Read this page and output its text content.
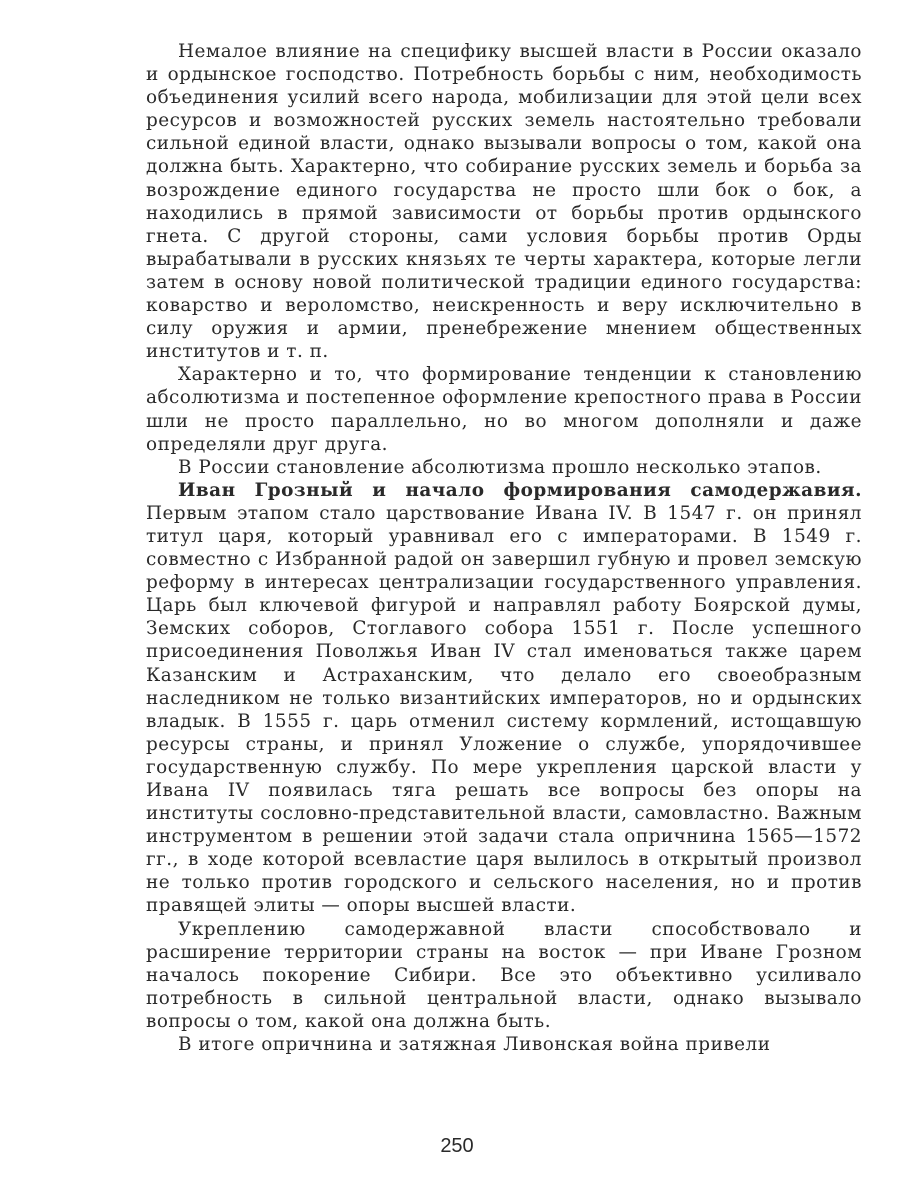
Немалое влияние на специфику высшей власти в России оказало и ордынское господство. Потребность борьбы с ним, необходимость объединения усилий всего народа, мобилизации для этой цели всех ресурсов и возможностей русских земель настоятельно требовали сильной единой власти, однако вызывали вопросы о том, какой она должна быть. Характерно, что собирание русских земель и борьба за возрождение единого государства не просто шли бок о бок, а находились в прямой зависимости от борьбы против ордынского гнета. С другой стороны, сами условия борьбы против Орды вырабатывали в русских князьях те черты характера, которые легли затем в основу новой политической традиции единого государства: коварство и вероломство, неискренность и веру исключительно в силу оружия и армии, пренебрежение мнением общественных институтов и т. п.

Характерно и то, что формирование тенденции к становлению абсолютизма и постепенное оформление крепостного права в России шли не просто параллельно, но во многом дополняли и даже определяли друг друга.

В России становление абсолютизма прошло несколько этапов.

Иван Грозный и начало формирования самодержавия. Первым этапом стало царствование Ивана IV. В 1547 г. он принял титул царя, который уравнивал его с императорами. В 1549 г. совместно с Избранной радой он завершил губную и провел земскую реформу в интересах централизации государственного управления. Царь был ключевой фигурой и направлял работу Боярской думы, Земских соборов, Стоглавого собора 1551 г. После успешного присоединения Поволжья Иван IV стал именоваться также царем Казанским и Астраханским, что делало его своеобразным наследником не только византийских императоров, но и ордынских владык. В 1555 г. царь отменил систему кормлений, истощавшую ресурсы страны, и принял Уложение о службе, упорядочившее государственную службу. По мере укрепления царской власти у Ивана IV появилась тяга решать все вопросы без опоры на институты сословно-представительной власти, самовластно. Важным инструментом в решении этой задачи стала опричнина 1565—1572 гг., в ходе которой всевластие царя вылилось в открытый произвол не только против городского и сельского населения, но и против правящей элиты — опоры высшей власти.

Укреплению самодержавной власти способствовало и расширение территории страны на восток — при Иване Грозном началось покорение Сибири. Все это объективно усиливало потребность в сильной центральной власти, однако вызывало вопросы о том, какой она должна быть.

В итоге опричнина и затяжная Ливонская война привели

250
